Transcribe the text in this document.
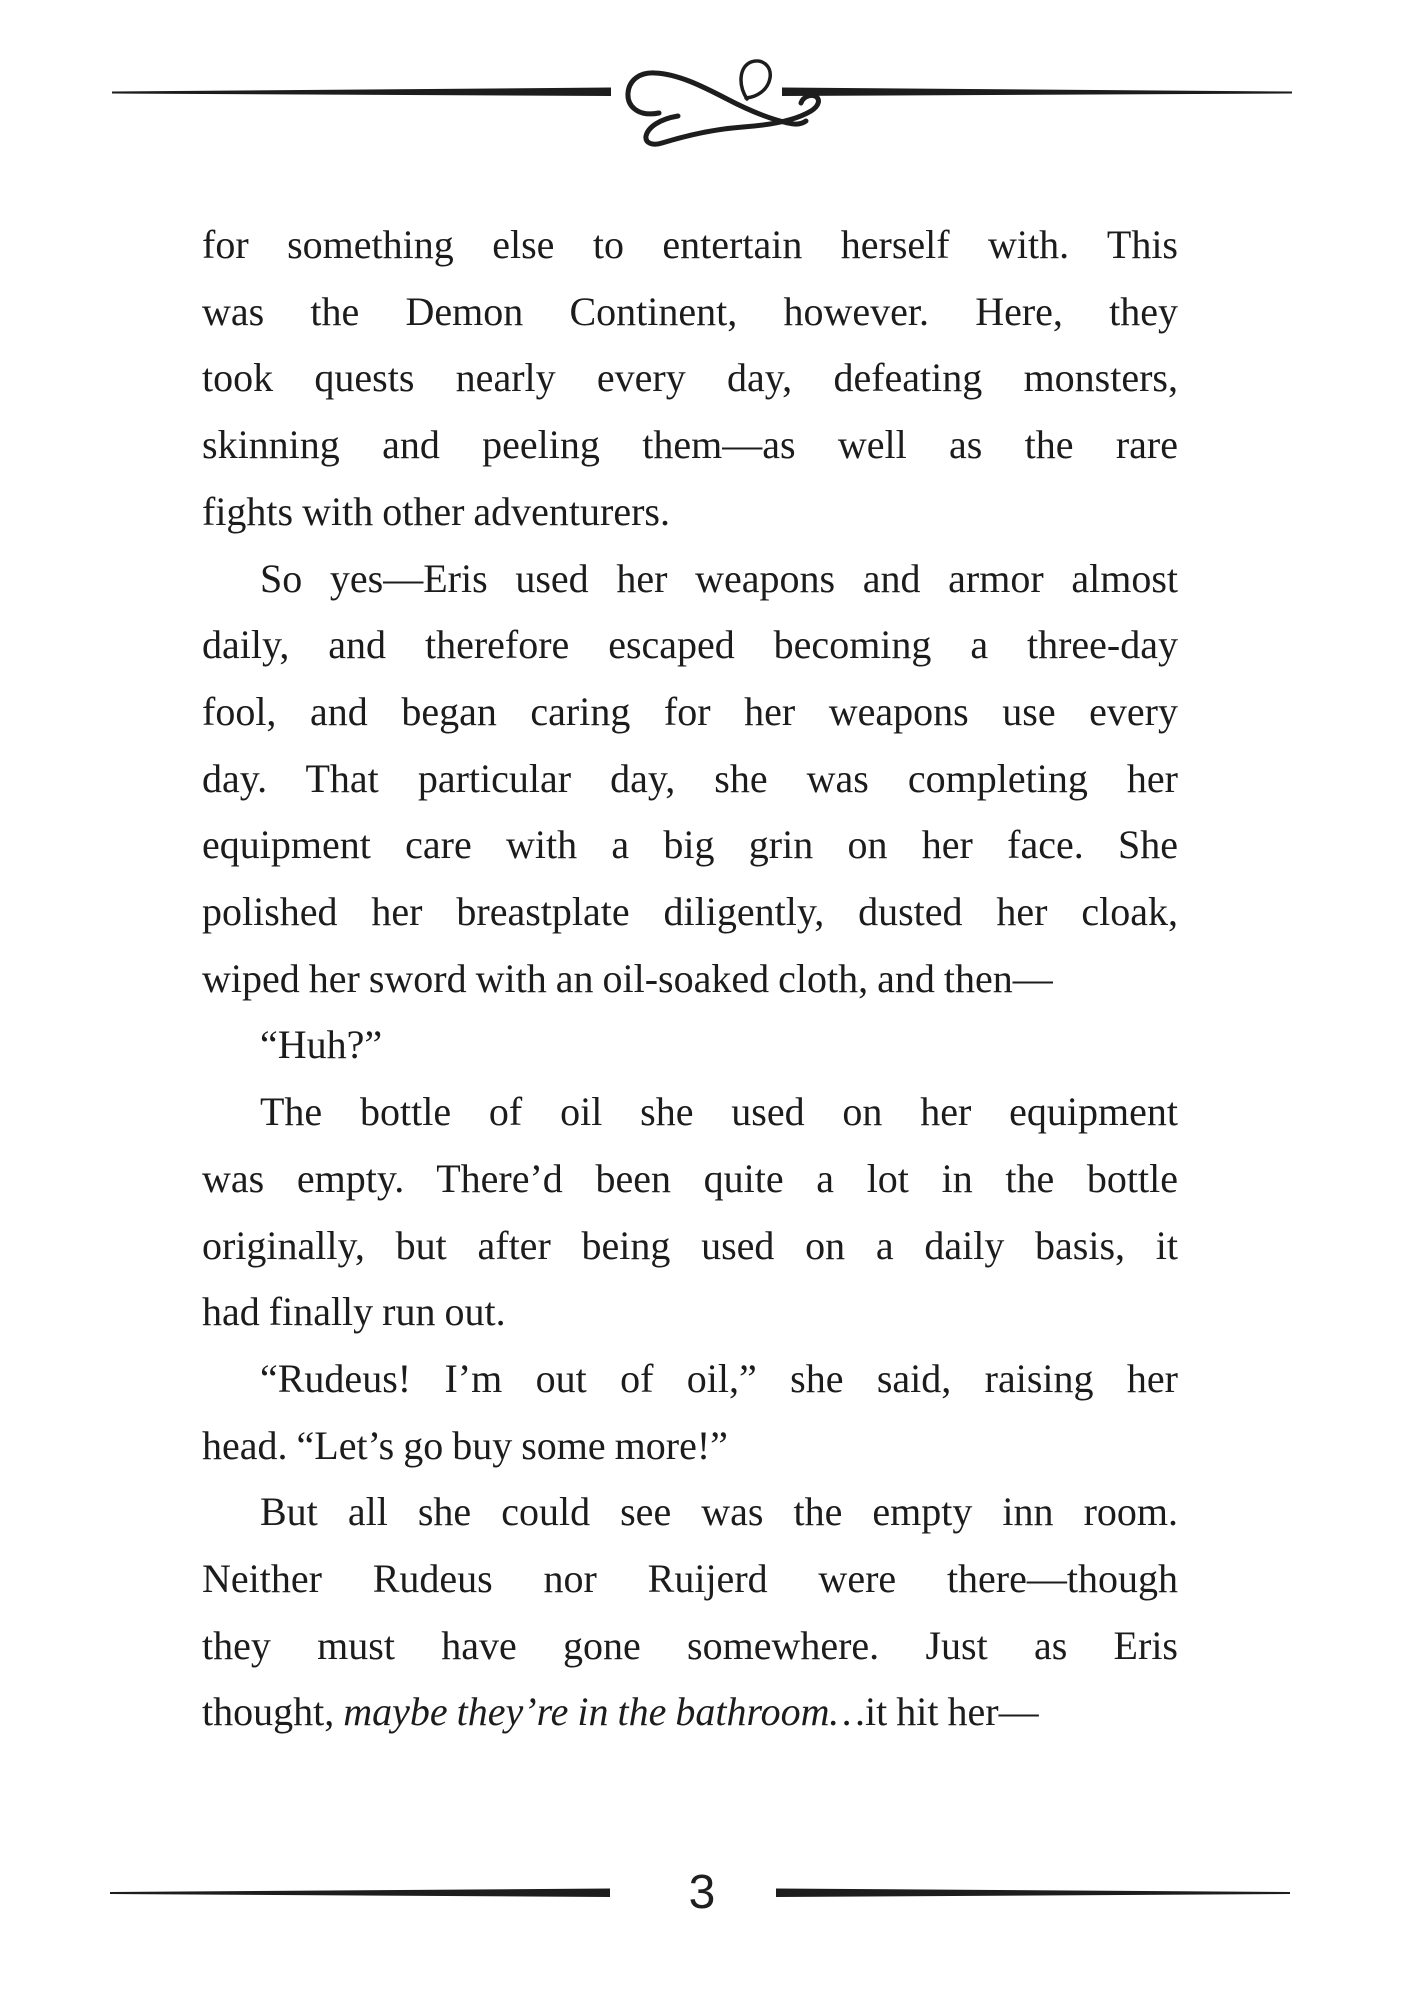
for something else to entertain herself with. This
was the Demon Continent, however. Here, they
took quests nearly every day, defeating monsters,
skinning and peeling them—as well as the rare
fights with other adventurers.
So yes—Eris used her weapons and armor almost
daily, and therefore escaped becoming a three-day
fool, and began caring for her weapons use every
day. That particular day, she was completing her
equipment care with a big grin on her face. She
polished her breastplate diligently, dusted her cloak,
wiped her sword with an oil-soaked cloth, and then—
“Huh?”
The bottle of oil she used on her equipment
was empty. There’d been quite a lot in the bottle
originally, but after being used on a daily basis, it
had finally run out.
“Rudeus! I’m out of oil,” she said, raising her
head. “Let’s go buy some more!”
But all she could see was the empty inn room.
Neither Rudeus nor Ruijerd were there—though
they must have gone somewhere. Just as Eris
thought, maybe they’re in the bathroom…it hit her—
3
